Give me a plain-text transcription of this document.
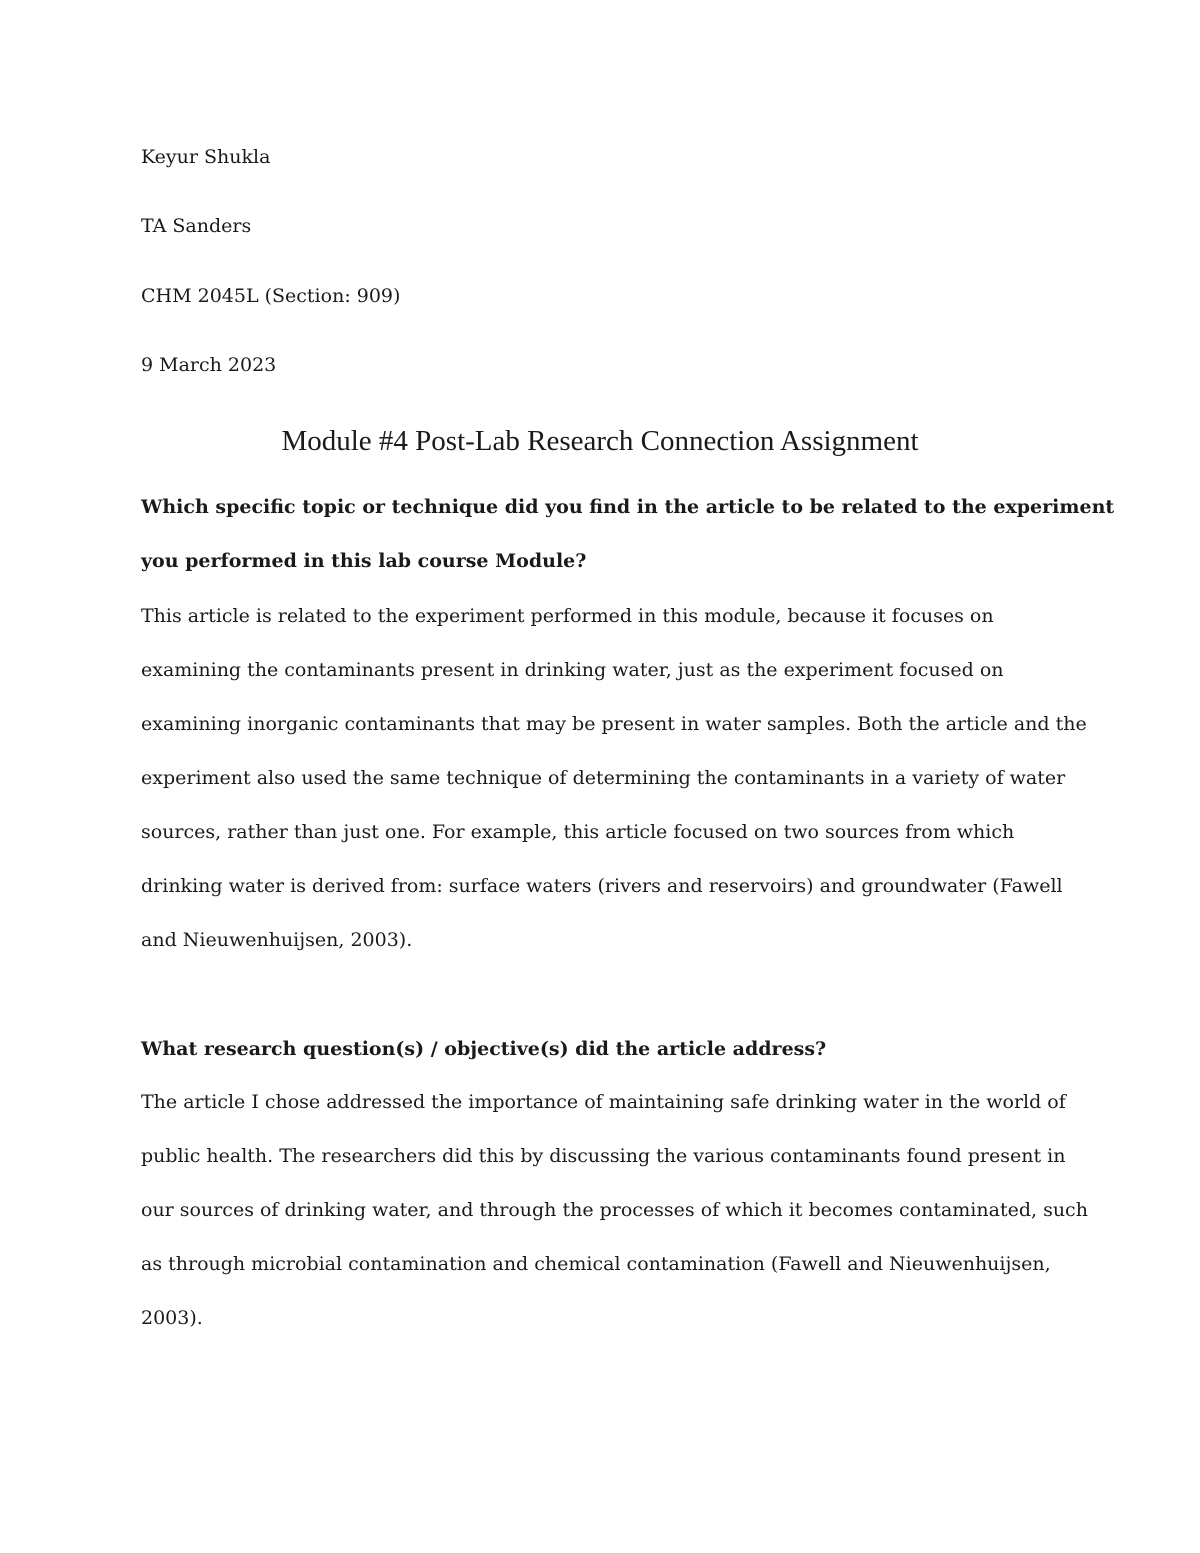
Keyur Shukla
TA Sanders
CHM 2045L (Section: 909)
9 March 2023
Module #4 Post-Lab Research Connection Assignment
Which specific topic or technique did you find in the article to be related to the experiment
you performed in this lab course Module?
This article is related to the experiment performed in this module, because it focuses on
examining the contaminants present in drinking water, just as the experiment focused on
examining inorganic contaminants that may be present in water samples. Both the article and the
experiment also used the same technique of determining the contaminants in a variety of water
sources, rather than just one. For example, this article focused on two sources from which
drinking water is derived from: surface waters (rivers and reservoirs) and groundwater (Fawell
and Nieuwenhuijsen, 2003).
What research question(s) / objective(s) did the article address?
The article I chose addressed the importance of maintaining safe drinking water in the world of
public health. The researchers did this by discussing the various contaminants found present in
our sources of drinking water, and through the processes of which it becomes contaminated, such
as through microbial contamination and chemical contamination (Fawell and Nieuwenhuijsen,
2003).
